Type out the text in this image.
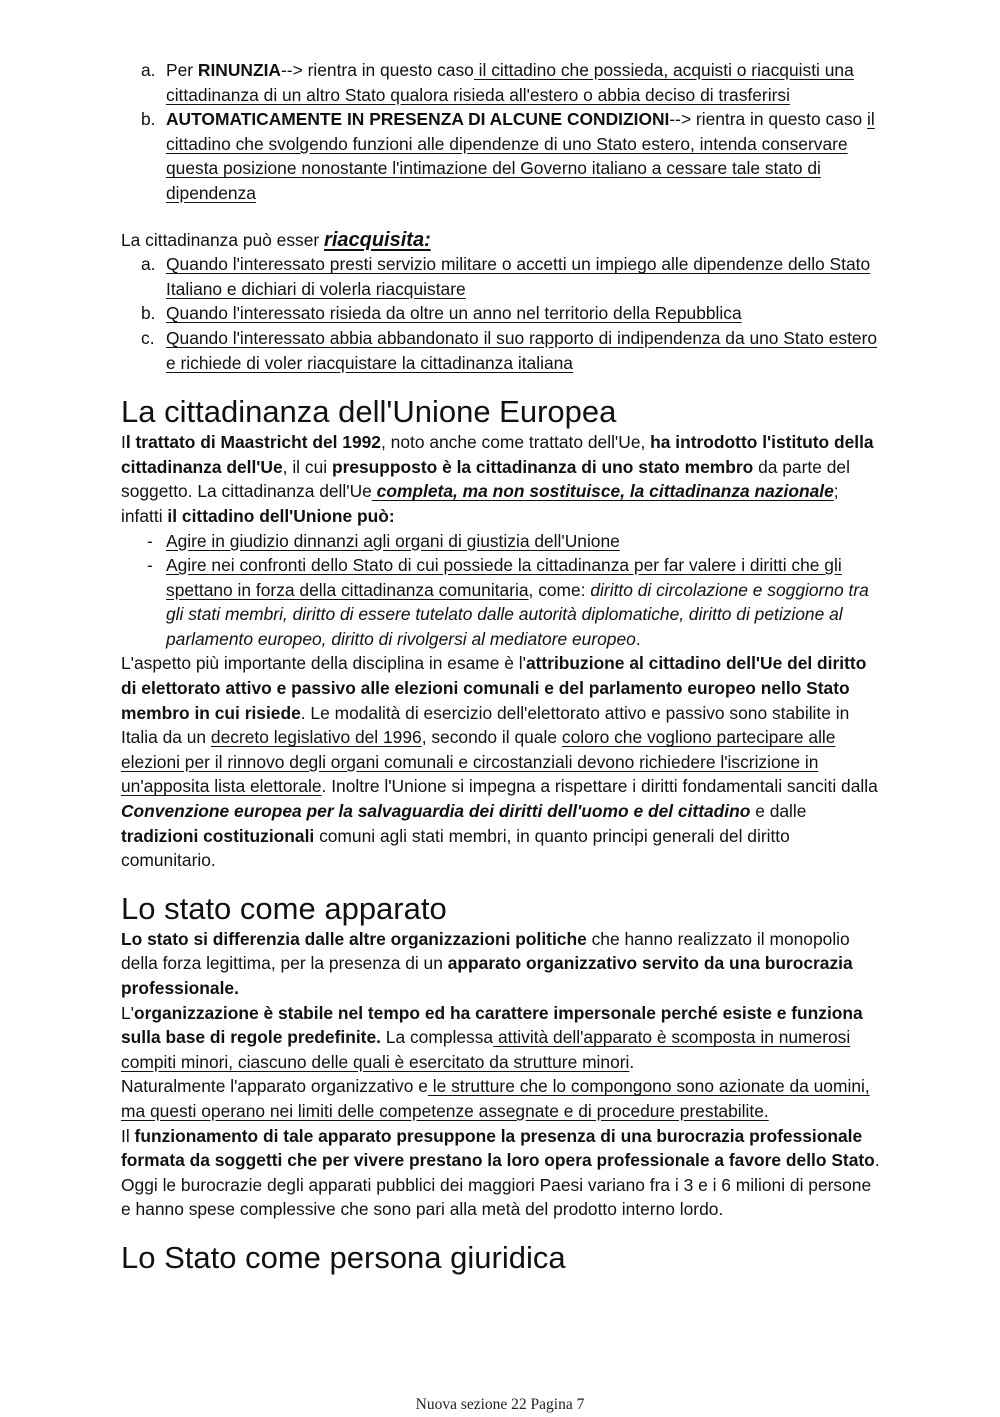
a. Per RINUNZIA--> rientra in questo caso il cittadino che possieda, acquisti o riacquisti una cittadinanza di un altro Stato qualora risieda all'estero o abbia deciso di trasferirsi
b. AUTOMATICAMENTE IN PRESENZA DI ALCUNE CONDIZIONI--> rientra in questo caso il cittadino che svolgendo funzioni alle dipendenze di uno Stato estero, intenda conservare questa posizione nonostante l'intimazione del Governo italiano a cessare tale stato di dipendenza

La cittadinanza può esser riacquisita:

a. Quando l'interessato presti servizio militare o accetti un impiego alle dipendenze dello Stato Italiano e dichiari di volerla riacquistare
b. Quando l'interessato risieda da oltre un anno nel territorio della Repubblica
c. Quando l'interessato abbia abbandonato il suo rapporto di indipendenza da uno Stato estero e richiede di voler riacquistare la cittadinanza italiana
La cittadinanza dell'Unione Europea

Il trattato di Maastricht del 1992, noto anche come trattato dell'Ue, ha introdotto l'istituto della cittadinanza dell'Ue, il cui presupposto è la cittadinanza di uno stato membro da parte del soggetto. La cittadinanza dell'Ue completa, ma non sostituisce, la cittadinanza nazionale; infatti il cittadino dell'Unione può:

- Agire in giudizio dinnanzi agli organi di giustizia dell'Unione
- Agire nei confronti dello Stato di cui possiede la cittadinanza per far valere i diritti che gli spettano in forza della cittadinanza comunitaria, come: diritto di circolazione e soggiorno tra gli stati membri, diritto di essere tutelato dalle autorità diplomatiche, diritto di petizione al parlamento europeo, diritto di rivolgersi al mediatore europeo.

L'aspetto più importante della disciplina in esame è l'attribuzione al cittadino dell'Ue del diritto di elettorato attivo e passivo alle elezioni comunali e del parlamento europeo nello Stato membro in cui risiede. Le modalità di esercizio dell'elettorato attivo e passivo sono stabilite in Italia da un decreto legislativo del 1996, secondo il quale coloro che vogliono partecipare alle elezioni per il rinnovo degli organi comunali e circostanziali devono richiedere l'iscrizione in un'apposita lista elettorale. Inoltre l'Unione si impegna a rispettare i diritti fondamentali sanciti dalla Convenzione europea per la salvaguardia dei diritti dell'uomo e del cittadino e dalle tradizioni costituzionali comuni agli stati membri, in quanto principi generali del diritto comunitario.

Lo stato come apparato

Lo stato si differenzia dalle altre organizzazioni politiche che hanno realizzato il monopolio della forza legittima, per la presenza di un apparato organizzativo servito da una burocrazia professionale.

L'organizzazione è stabile nel tempo ed ha carattere impersonale perché esiste e funziona sulla base di regole predefinite. La complessa attività dell'apparato è scomposta in numerosi compiti minori, ciascuno delle quali è esercitato da strutture minori.

Naturalmente l'apparato organizzativo e le strutture che lo compongono sono azionate da uomini, ma questi operano nei limiti delle competenze assegnate e di procedure prestabilite.

Il funzionamento di tale apparato presuppone la presenza di una burocrazia professionale formata da soggetti che per vivere prestano la loro opera professionale a favore dello Stato. Oggi le burocrazie degli apparati pubblici dei maggiori Paesi variano fra i 3 e i 6 milioni di persone e hanno spese complessive che sono pari alla metà del prodotto interno lordo.

Lo Stato come persona giuridica
Nuova sezione 22 Pagina 7
